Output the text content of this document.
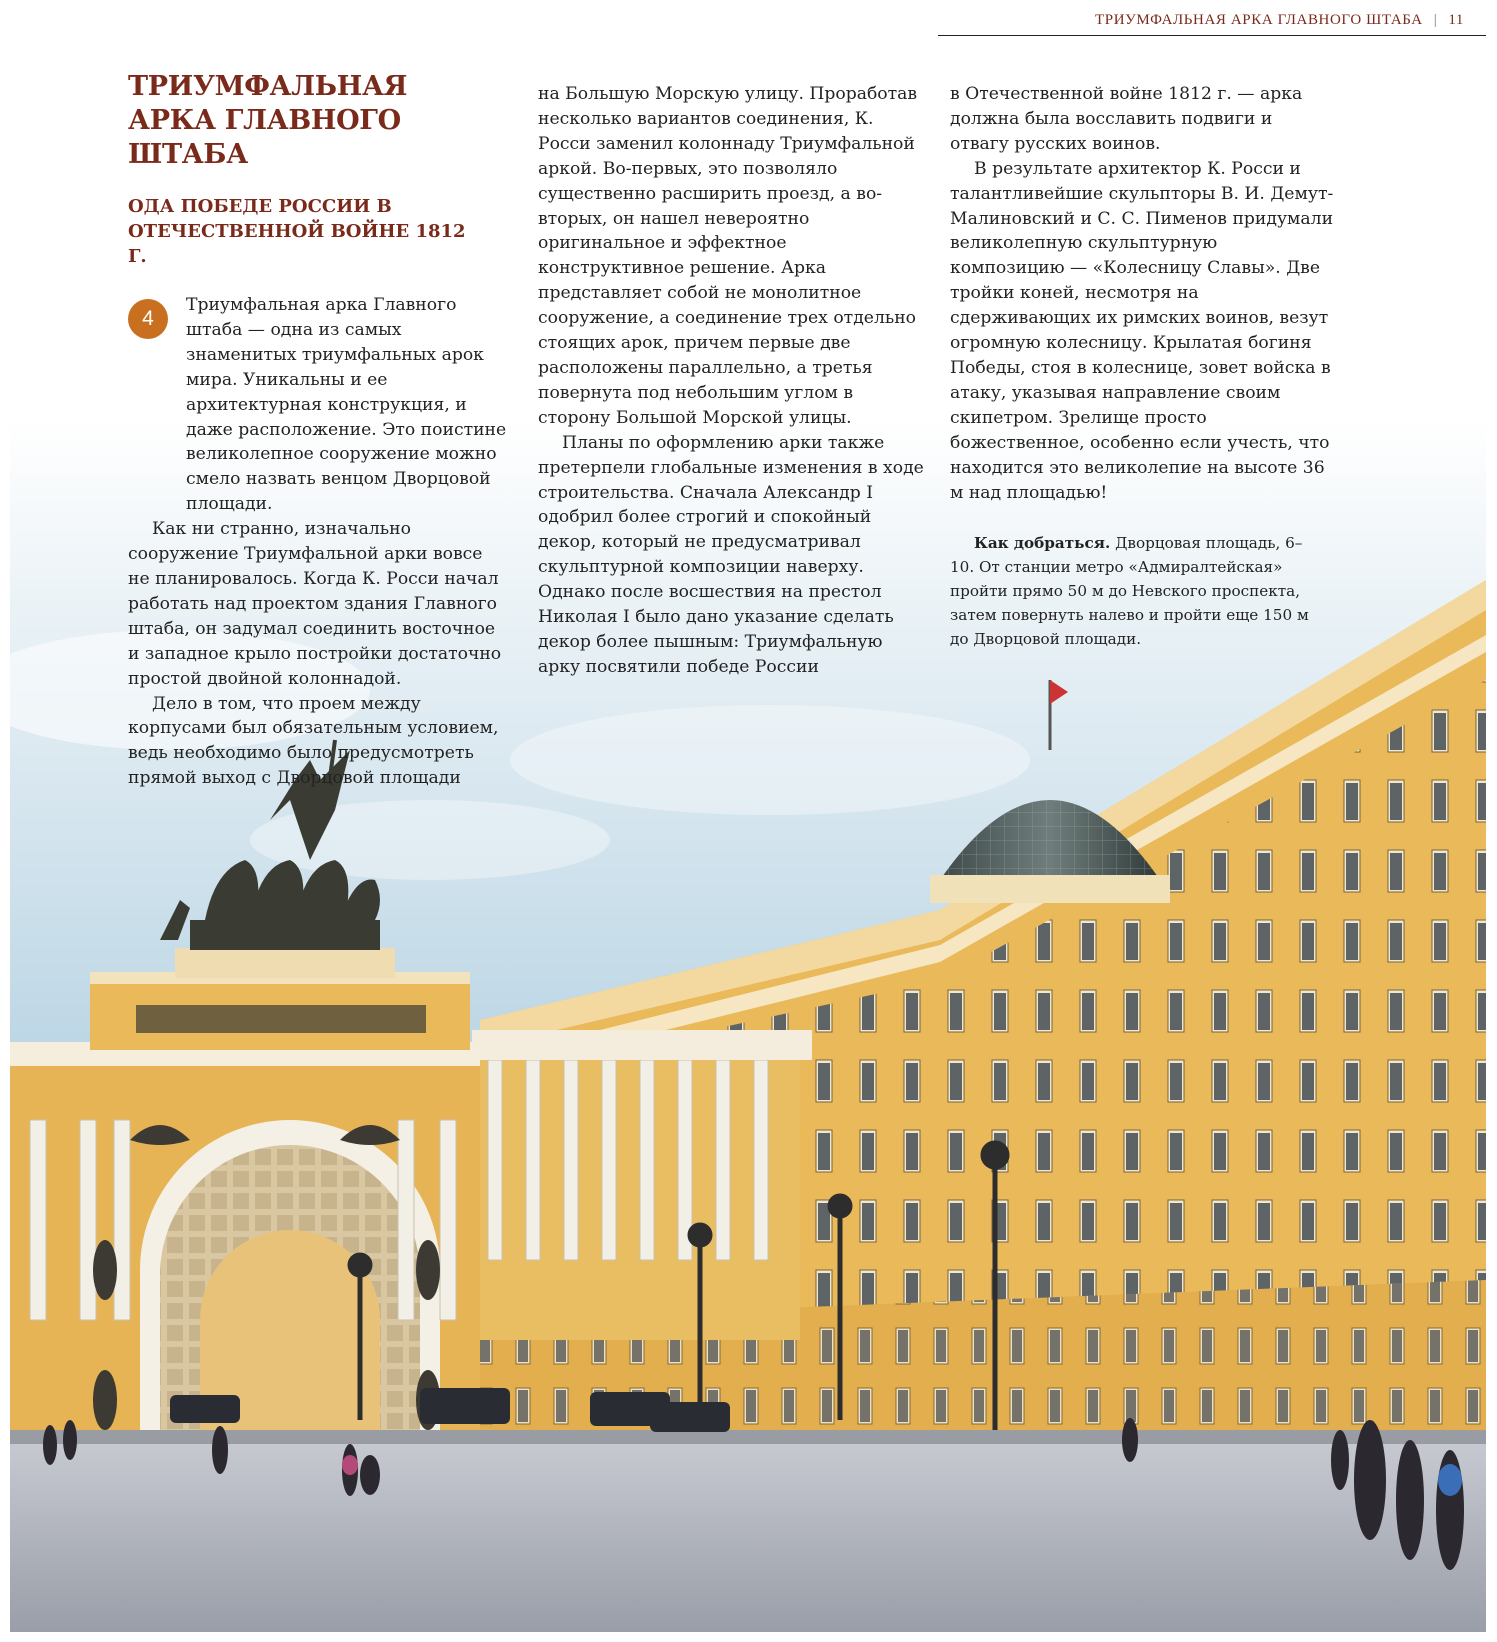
ТРИУМФАЛЬНАЯ АРКА ГЛАВНОГО ШТАБА | 11
ТРИУМФАЛЬНАЯ АРКА ГЛАВНОГО ШТАБА
ОДА ПОБЕДЕ РОССИИ В ОТЕЧЕСТВЕННОЙ ВОЙНЕ 1812 Г.
4

Триумфальная арка Главного штаба — одна из самых знаменитых триумфальных арок мира. Уникальны и ее архитектурная конструкция, и даже расположение. Это поистине великолепное сооружение можно смело назвать венцом Дворцовой площади.

Как ни странно, изначально сооружение Триумфальной арки вовсе не планировалось. Когда К. Росси начал работать над проектом здания Главного штаба, он задумал соединить восточное и западное крыло постройки достаточно простой двойной колоннадой.

Дело в том, что проем между корпусами был обязательным условием, ведь необходимо было предусмотреть прямой выход с Дворцовой площади

на Большую Морскую улицу. Проработав несколько вариантов соединения, К. Росси заменил колоннаду Триумфальной аркой. Во-первых, это позволяло существенно расширить проезд, а во-вторых, он нашел невероятно оригинальное и эффектное конструктивное решение. Арка представляет собой не монолитное сооружение, а соединение трех отдельно стоящих арок, причем первые две расположены параллельно, а третья повернута под небольшим углом в сторону Большой Морской улицы.

Планы по оформлению арки также претерпели глобальные изменения в ходе строительства. Сначала Александр I одобрил более строгий и спокойный декор, который не предусматривал скульптурной композиции наверху. Однако после восшествия на престол Николая I было дано указание сделать декор более пышным: Триумфальную арку посвятили победе России

в Отечественной войне 1812 г. — арка должна была восславить подвиги и отвагу русских воинов.

В результате архитектор К. Росси и талантливейшие скульпторы В. И. Демут-Малиновский и С. С. Пименов придумали великолепную скульптурную композицию — «Колесницу Славы». Две тройки коней, несмотря на сдерживающих их римских воинов, везут огромную колесницу. Крылатая богиня Победы, стоя в колеснице, зовет войска в атаку, указывая направление своим скипетром. Зрелище просто божественное, особенно если учесть, что находится это великолепие на высоте 36 м над площадью!

Как добраться. Дворцовая площадь, 6–10. От станции метро «Адмиралтейская» пройти прямо 50 м до Невского проспекта, затем повернуть налево и пройти еще 150 м до Дворцовой площади.
